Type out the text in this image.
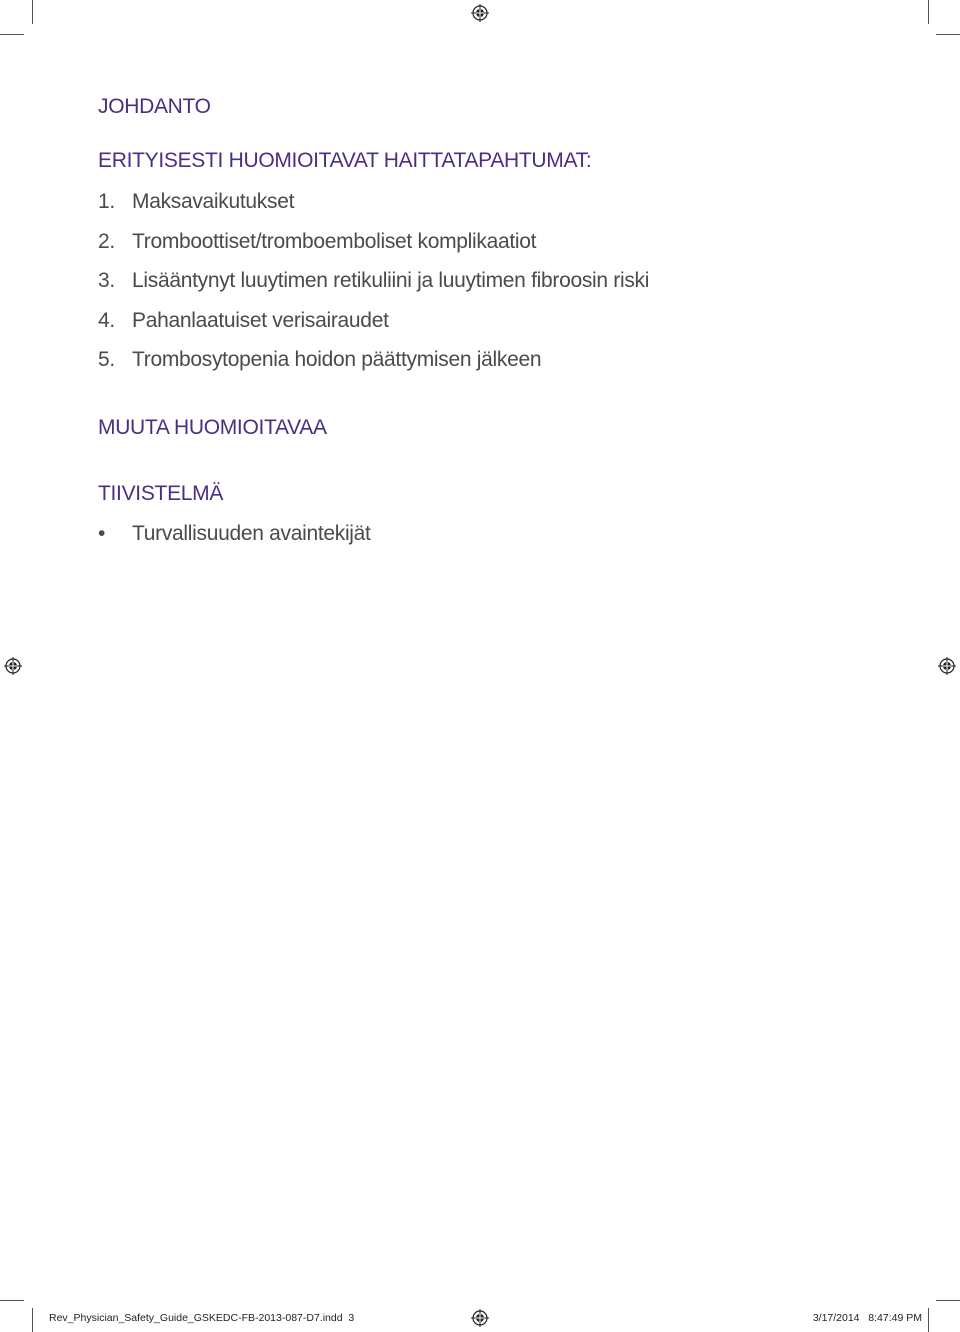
JOHDANTO
ERITYISESTI HUOMIOITAVAT HAITTATAPAHTUMAT:
1. Maksavaikutukset
2. Tromboottiset/tromboemboliset komplikaatiot
3. Lisääntynyt luuytimen retikuliini ja luuytimen fibroosin riski
4. Pahanlaatuiset verisairaudet
5. Trombosytopenia hoidon päättymisen jälkeen
MUUTA HUOMIOITAVAA
TIIVISTELMÄ
• Turvallisuuden avaintekijät
Rev_Physician_Safety_Guide_GSKEDC-FB-2013-087-D7.indd 3	3/17/2014 8:47:49 PM
